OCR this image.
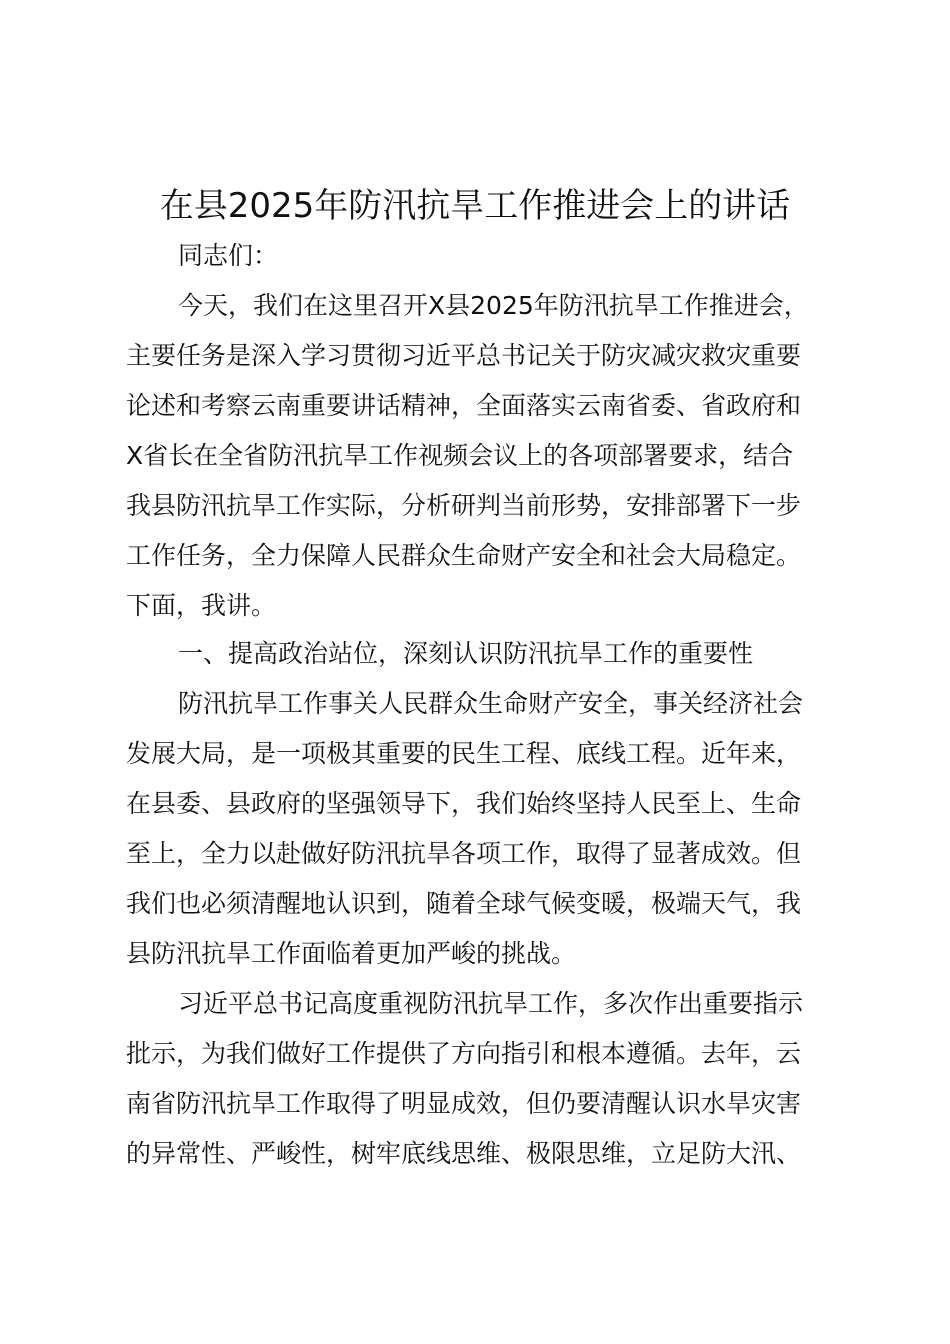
在县2025年防汛抗旱工作推进会上的讲话

同志们：

今天，我们在这里召开X县2025年防汛抗旱工作推进会，

主要任务是深入学习贯彻习近平总书记关于防灾减灾救灾重要

论述和考察云南重要讲话精神，全面落实云南省委、省政府和

X省长在全省防汛抗旱工作视频会议上的各项部署要求，结合

我县防汛抗旱工作实际，分析研判当前形势，安排部署下一步

工作任务，全力保障人民群众生命财产安全和社会大局稳定。

下面，我讲。

一、提高政治站位，深刻认识防汛抗旱工作的重要性

防汛抗旱工作事关人民群众生命财产安全，事关经济社会

发展大局，是一项极其重要的民生工程、底线工程。近年来，

在县委、县政府的坚强领导下，我们始终坚持人民至上、生命

至上，全力以赴做好防汛抗旱各项工作，取得了显著成效。但

我们也必须清醒地认识到，随着全球气候变暖，极端天气，我

县防汛抗旱工作面临着更加严峻的挑战。

习近平总书记高度重视防汛抗旱工作，多次作出重要指示

批示，为我们做好工作提供了方向指引和根本遵循。去年，云

南省防汛抗旱工作取得了明显成效，但仍要清醒认识水旱灾害

的异常性、严峻性，树牢底线思维、极限思维，立足防大汛、
